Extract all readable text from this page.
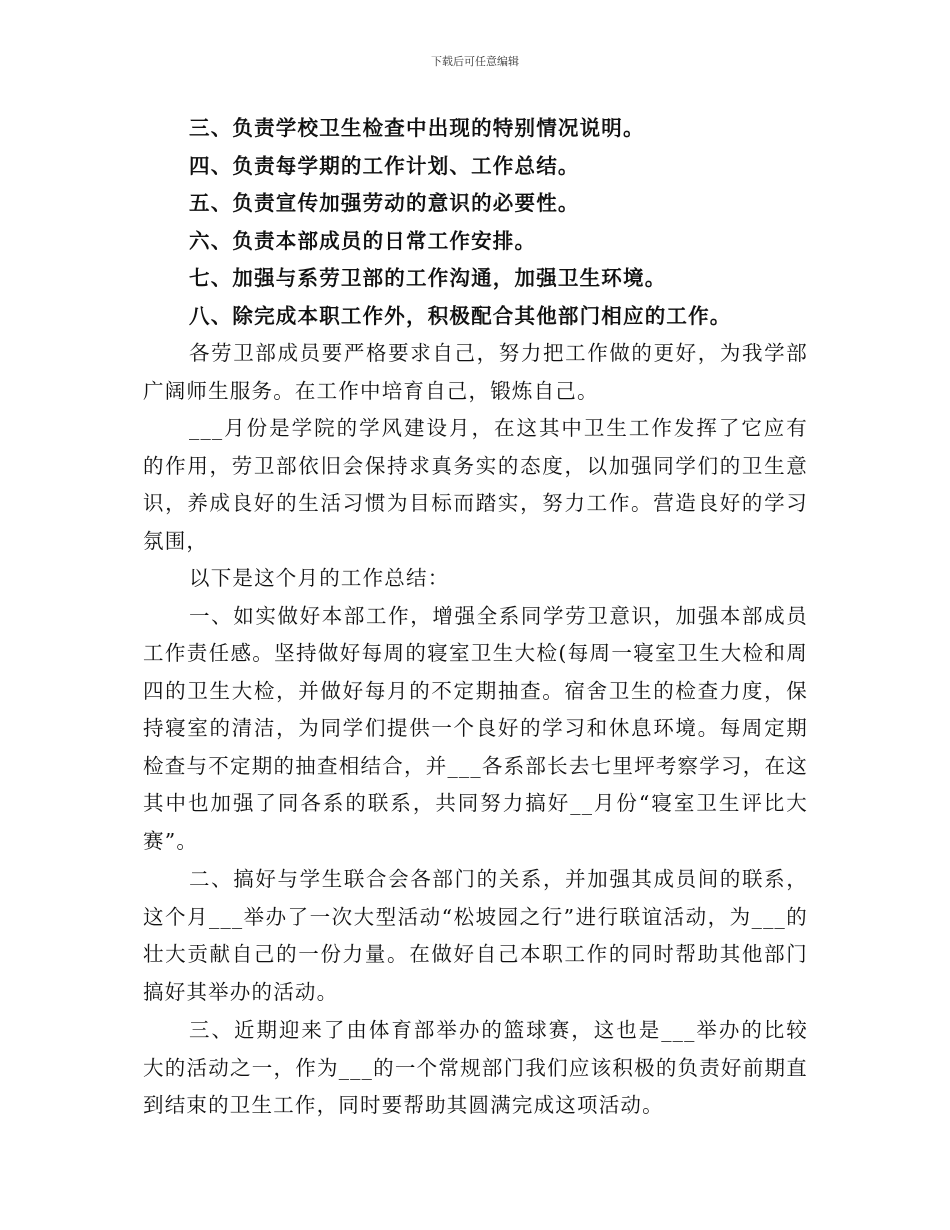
下载后可任意编辑

三、负责学校卫生检查中出现的特别情况说明。

四、负责每学期的工作计划、工作总结。

五、负责宣传加强劳动的意识的必要性。

六、负责本部成员的日常工作安排。

七、加强与系劳卫部的工作沟通，加强卫生环境。

八、除完成本职工作外，积极配合其他部门相应的工作。

各劳卫部成员要严格要求自己，努力把工作做的更好，为我学部广阔师生服务。在工作中培育自己，锻炼自己。

___月份是学院的学风建设月，在这其中卫生工作发挥了它应有的作用，劳卫部依旧会保持求真务实的态度，以加强同学们的卫生意识，养成良好的生活习惯为目标而踏实，努力工作。营造良好的学习氛围，

以下是这个月的工作总结：

一、如实做好本部工作，增强全系同学劳卫意识，加强本部成员工作责任感。坚持做好每周的寝室卫生大检(每周一寝室卫生大检和周四的卫生大检，并做好每月的不定期抽查。宿舍卫生的检查力度，保持寝室的清洁，为同学们提供一个良好的学习和休息环境。每周定期检查与不定期的抽查相结合，并___各系部长去七里坪考察学习，在这其中也加强了同各系的联系，共同努力搞好__月份“寝室卫生评比大赛”。

二、搞好与学生联合会各部门的关系，并加强其成员间的联系，这个月___举办了一次大型活动“松坡园之行”进行联谊活动，为___的壮大贡献自己的一份力量。在做好自己本职工作的同时帮助其他部门搞好其举办的活动。

三、近期迎来了由体育部举办的篮球赛，这也是___举办的比较大的活动之一，作为___的一个常规部门我们应该积极的负责好前期直到结束的卫生工作，同时要帮助其圆满完成这项活动。
